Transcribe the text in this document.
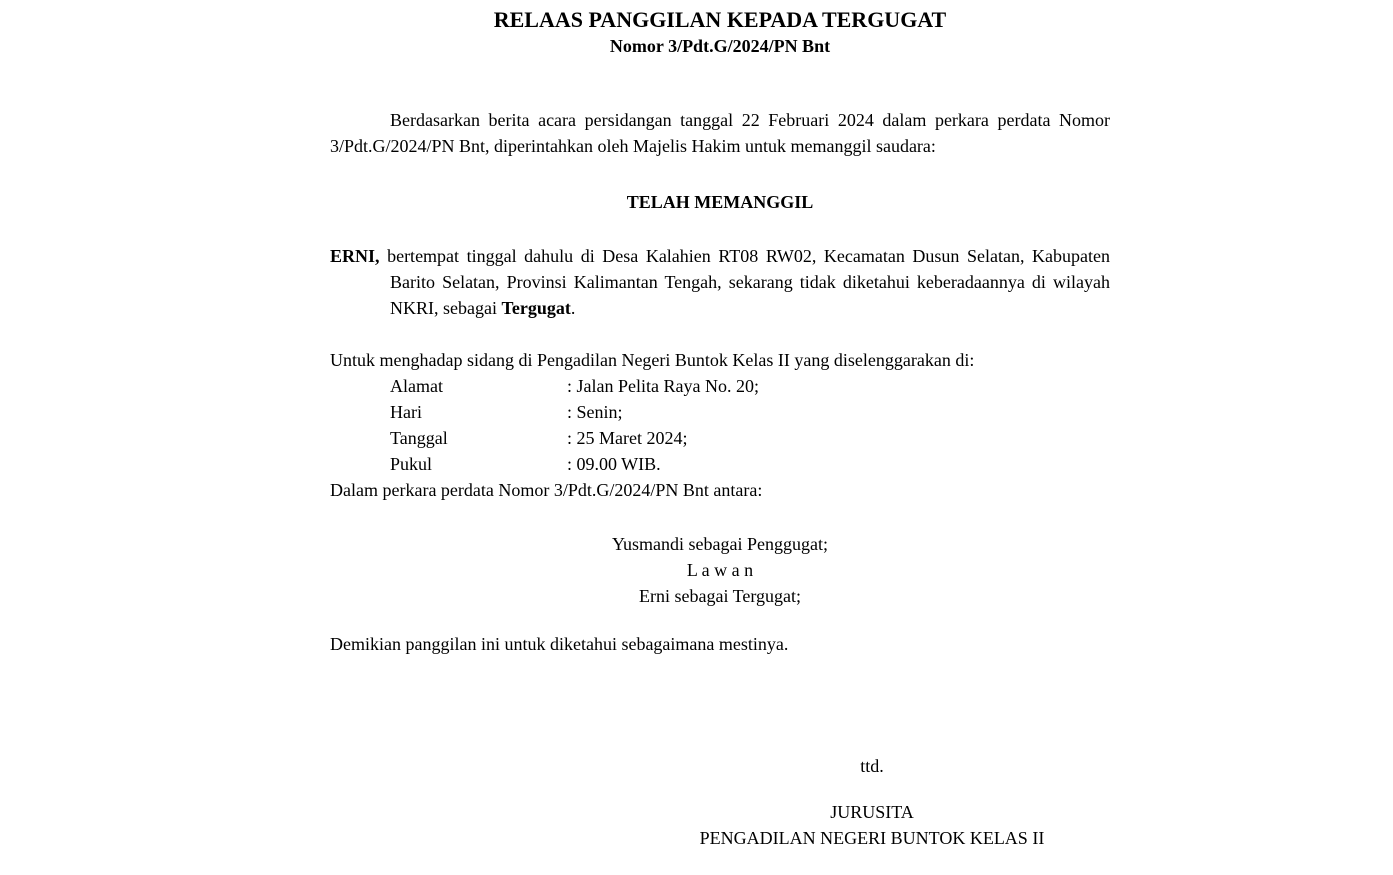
RELAAS PANGGILAN KEPADA TERGUGAT
Nomor 3/Pdt.G/2024/PN Bnt

Berdasarkan berita acara persidangan tanggal 22 Februari 2024 dalam perkara perdata Nomor 3/Pdt.G/2024/PN Bnt, diperintahkan oleh Majelis Hakim untuk memanggil saudara:

TELAH MEMANGGIL

ERNI, bertempat tinggal dahulu di Desa Kalahien RT08 RW02, Kecamatan Dusun Selatan, Kabupaten Barito Selatan, Provinsi Kalimantan Tengah, sekarang tidak diketahui keberadaannya di wilayah NKRI, sebagai Tergugat.

Untuk menghadap sidang di Pengadilan Negeri Buntok Kelas II yang diselenggarakan di:
Alamat	: Jalan Pelita Raya No. 20;
Hari	: Senin;
Tanggal	: 25 Maret 2024;
Pukul	: 09.00 WIB.
Dalam perkara perdata Nomor 3/Pdt.G/2024/PN Bnt antara:
Yusmandi sebagai Penggugat;
L a w a n
Erni sebagai Tergugat;
Demikian panggilan ini untuk diketahui sebagaimana mestinya.
ttd.
JURUSITA
PENGADILAN NEGERI BUNTOK KELAS II
